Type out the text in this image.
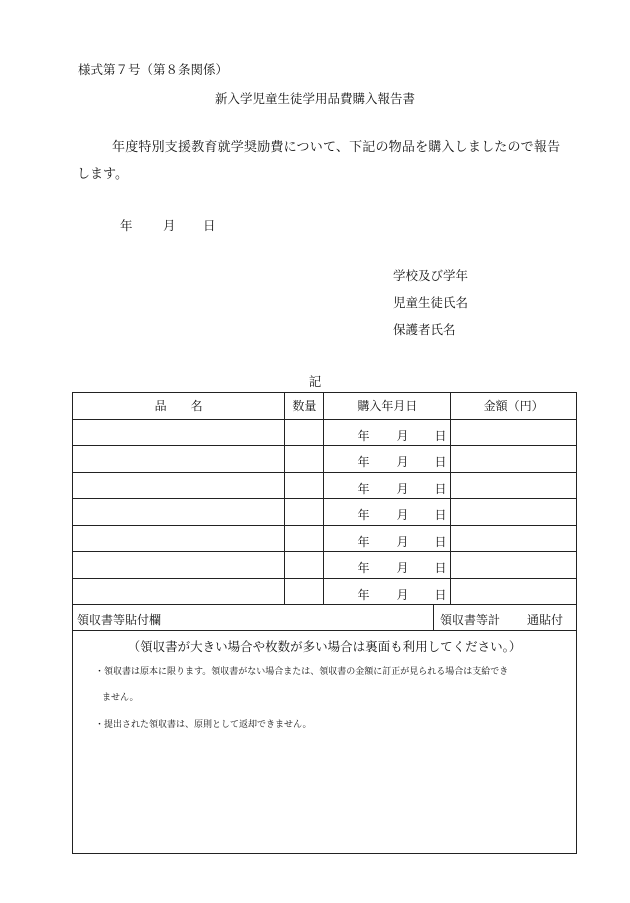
様式第７号（第８条関係）
新入学児童生徒学用品費購入報告書
年度特別支援教育就学奨励費について、下記の物品を購入しましたので報告
します。
年 月 日
学校及び学年
児童生徒氏名
保護者氏名
記
品　　名	数量	購入年月日	金額（円）

		年 月 日	

		年 月 日	

		年 月 日	

		年 月 日	

		年 月 日	

		年 月 日	

		年 月 日	

領収書等貼付欄	領収書等計 通貼付
（領収書が大きい場合や枚数が多い場合は裏面も利用してください。）
・領収書は原本に限ります。領収書がない場合または、領収書の金額に訂正が見られる場合は支給でき
ません。
・提出された領収書は、原則として返却できません。
